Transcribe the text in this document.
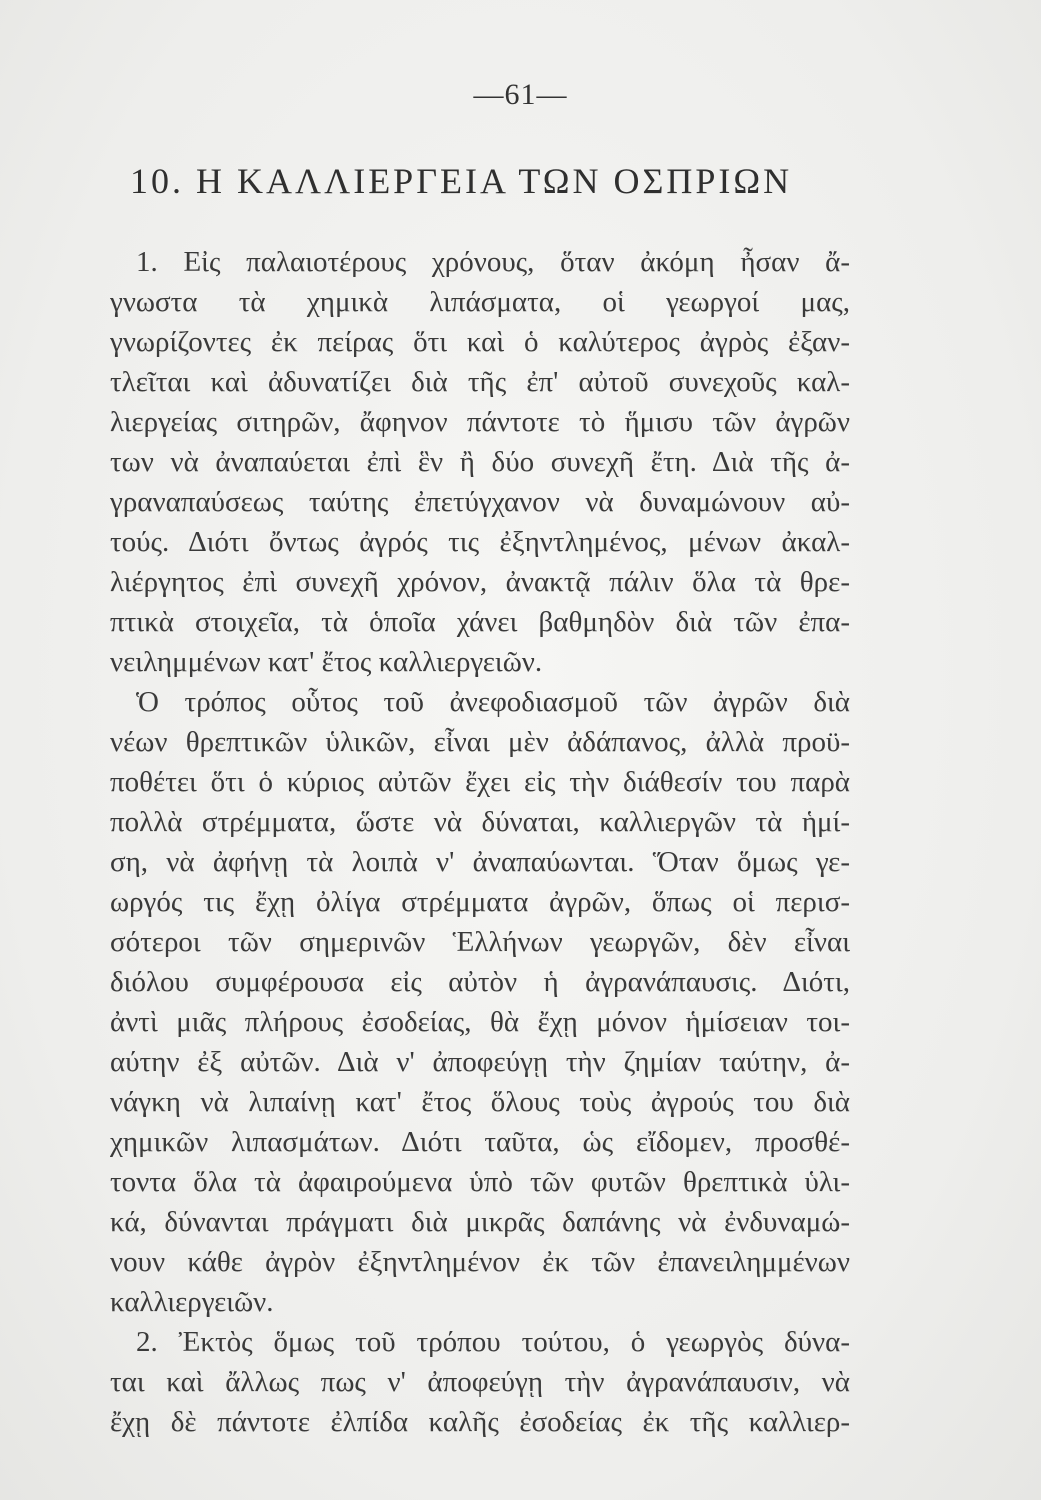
—61—
10. Η ΚΑΛΛΙΕΡΓΕΙΑ ΤΩΝ ΟΣΠΡΙΩΝ
1. Εἰς παλαιοτέρους χρόνους, ὅταν ἀκόμη ἦσαν ἄ-
γνωστα τὰ χημικὰ λιπάσματα, οἱ γεωργοί μας,
γνωρίζοντες ἐκ πείρας ὅτι καὶ ὁ καλύτερος ἀγρὸς ἐξαν-
τλεῖται καὶ ἀδυνατίζει διὰ τῆς ἐπ' αὐτοῦ συνεχοῦς καλ-
λιεργείας σιτηρῶν, ἄφηνον πάντοτε τὸ ἥμισυ τῶν ἀγρῶν
των νὰ ἀναπαύεται ἐπὶ ἓν ἢ δύο συνεχῆ ἔτη. Διὰ τῆς ἀ-
γραναπαύσεως ταύτης ἐπετύγχανον νὰ δυναμώνουν αὐ-
τούς. Διότι ὄντως ἀγρός τις ἐξηντλημένος, μένων ἀκαλ-
λιέργητος ἐπὶ συνεχῆ χρόνον, ἀνακτᾷ πάλιν ὅλα τὰ θρε-
πτικὰ στοιχεῖα, τὰ ὁποῖα χάνει βαθμηδὸν διὰ τῶν ἐπα-
νειλημμένων κατ' ἔτος καλλιεργειῶν.
Ὁ τρόπος οὗτος τοῦ ἀνεφοδιασμοῦ τῶν ἀγρῶν διὰ
νέων θρεπτικῶν ὑλικῶν, εἶναι μὲν ἀδάπανος, ἀλλὰ προϋ-
ποθέτει ὅτι ὁ κύριος αὐτῶν ἔχει εἰς τὴν διάθεσίν του παρὰ
πολλὰ στρέμματα, ὥστε νὰ δύναται, καλλιεργῶν τὰ ἡμί-
ση, νὰ ἀφήνῃ τὰ λοιπὰ ν' ἀναπαύωνται. Ὅταν ὅμως γε-
ωργός τις ἔχῃ ὀλίγα στρέμματα ἀγρῶν, ὅπως οἱ περισ-
σότεροι τῶν σημερινῶν Ἑλλήνων γεωργῶν, δὲν εἶναι
διόλου συμφέρουσα εἰς αὐτὸν ἡ ἀγρανάπαυσις. Διότι,
ἀντὶ μιᾶς πλήρους ἐσοδείας, θὰ ἔχῃ μόνον ἡμίσειαν τοι-
αύτην ἐξ αὐτῶν. Διὰ ν' ἀποφεύγῃ τὴν ζημίαν ταύτην, ἀ-
νάγκη νὰ λιπαίνῃ κατ' ἔτος ὅλους τοὺς ἀγρούς του διὰ
χημικῶν λιπασμάτων. Διότι ταῦτα, ὡς εἴδομεν, προσθέ-
τοντα ὅλα τὰ ἀφαιρούμενα ὑπὸ τῶν φυτῶν θρεπτικὰ ὑλι-
κά, δύνανται πράγματι διὰ μικρᾶς δαπάνης νὰ ἐνδυναμώ-
νουν κάθε ἀγρὸν ἐξηντλημένον ἐκ τῶν ἐπανειλημμένων
καλλιεργειῶν.
2. Ἐκτὸς ὅμως τοῦ τρόπου τούτου, ὁ γεωργὸς δύνα-
ται καὶ ἄλλως πως ν' ἀποφεύγῃ τὴν ἀγρανάπαυσιν, νὰ
ἔχῃ δὲ πάντοτε ἐλπίδα καλῆς ἐσοδείας ἐκ τῆς καλλιερ-
